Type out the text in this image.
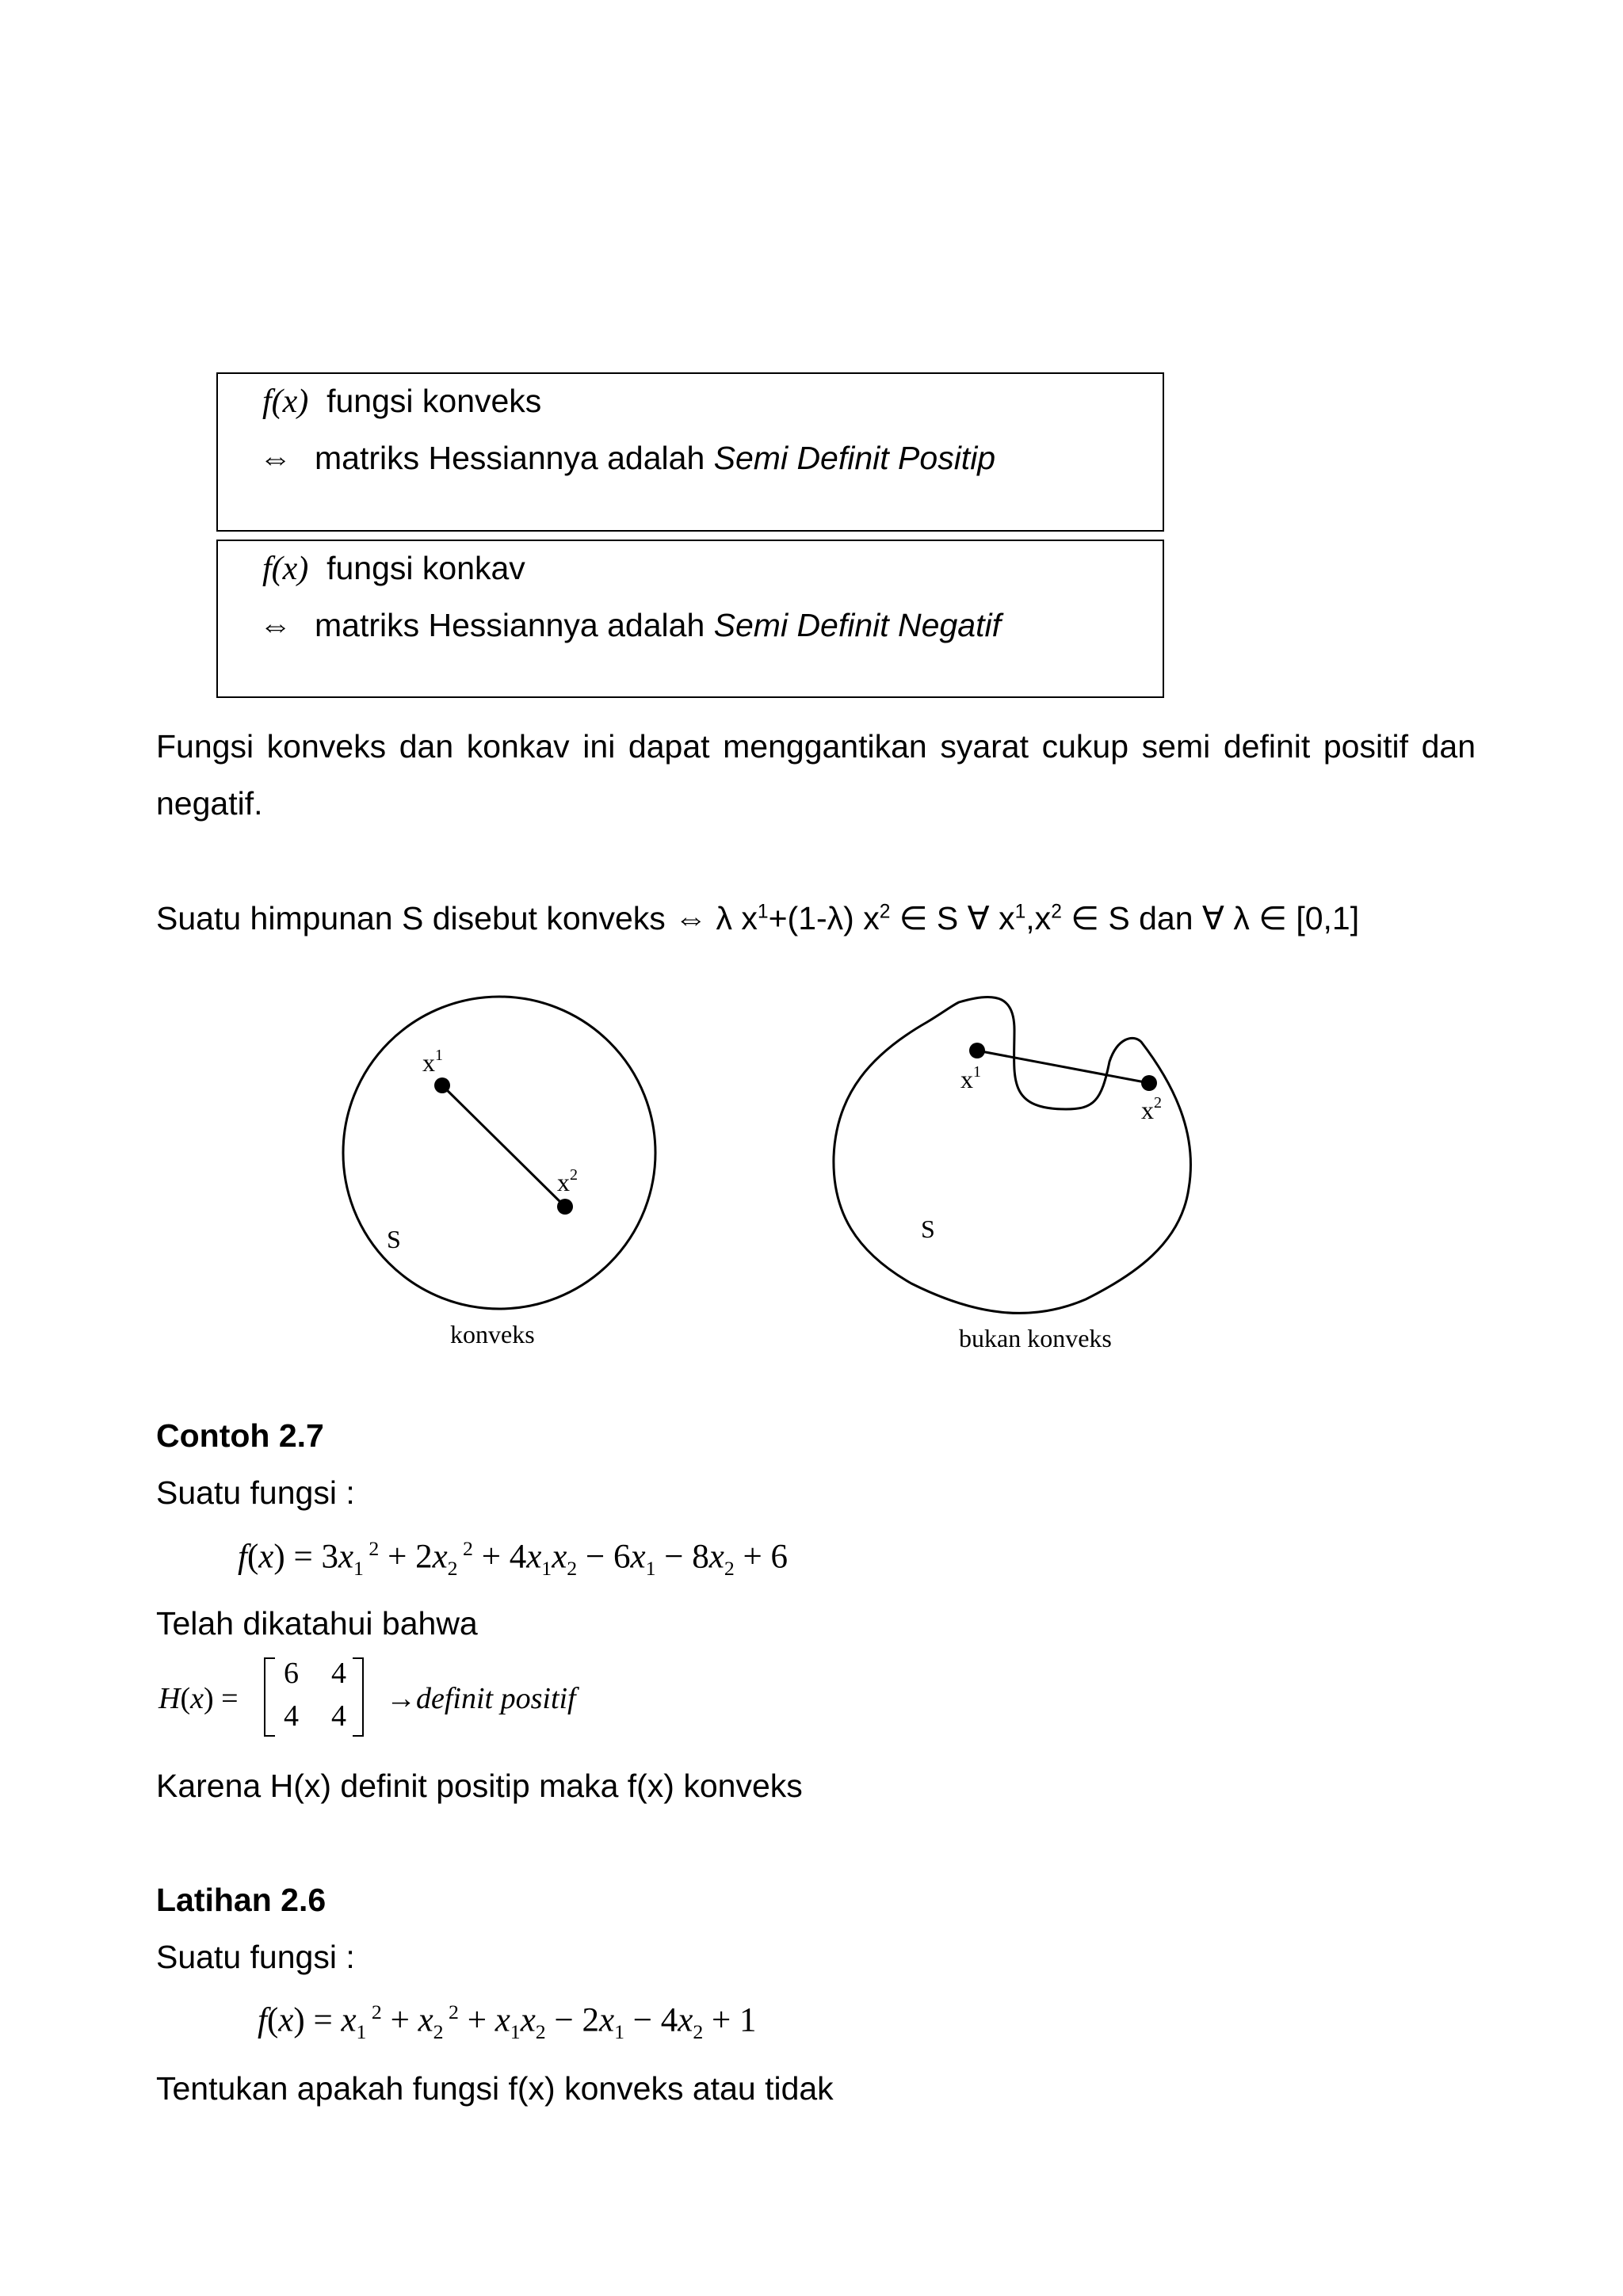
f(x) fungsi konveks
⇔ matriks Hessiannya adalah Semi Definit Positip
f(x) fungsi konkav
⇔ matriks Hessiannya adalah Semi Definit Negatif
Fungsi konveks dan konkav ini dapat menggantikan syarat cukup semi definit positif dan
negatif.
Suatu himpunan S disebut konveks ⇔ λ $x^1+(1-\lambda)$ $x^2$ ∈ S ∀ $x^1,x^2$ ∈ S dan ∀ λ ∈ [0,1]
$x^1$
$x^2$
S
konveks
$x^1$
$x^2$
S
bukan konveks
Contoh 2.7
Suatu fungsi :
$f(x) = 3x_1$ $^2 + 2x_2$ $^2 + 4x_1x_2 - 6x_1 - 8x_2 + 6$
Telah dikatahui bahwa
H(x) =
6 4
4 4
→definit positif
Karena H(x) definit positip maka f(x) konveks
Latihan 2.6
Suatu fungsi :
$f(x) = x_1$ $^2 + x_2$ $^2 + x_1x_2 - 2x_1 - 4x_2 + 1$
Tentukan apakah fungsi f(x) konveks atau tidak
